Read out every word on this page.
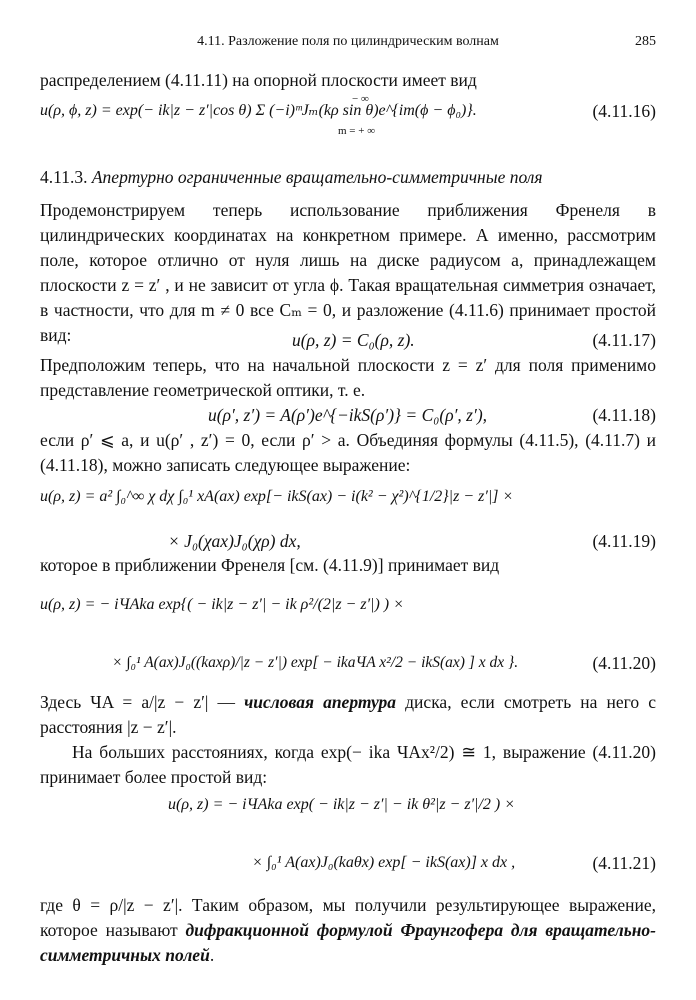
4.11. Разложение поля по цилиндрическим волнам	285
распределением (4.11.11) на опорной плоскости имеет вид
u(ρ, ϕ, z) = exp(− ik|z − z′|cos θ) Σ (−i)ᵐJₘ(kρ sin θ)e^{im(ϕ − ϕ₀)}.
− ∞
m = + ∞
(4.11.16)
4.11.3. Апертурно ограниченные вращательно-симметричные поля
Продемонстрируем теперь использование приближения Френеля в цилиндрических координатах на конкретном примере. А именно, рассмотрим поле, которое отлично от нуля лишь на диске радиусом a, принадлежащем плоскости z = z′ , и не зависит от угла ϕ. Такая вращательная симметрия означает, в частности, что для m ≠ 0 все Cₘ = 0, и разложение (4.11.6) принимает простой вид:	u(ρ, z) = C₀(ρ, z).	(4.11.17)
Предположим теперь, что на начальной плоскости z = z′ для поля применимо представление геометрической оптики, т. е.
u(ρ′, z′) = A(ρ′)e^{−ikS(ρ′)} = C₀(ρ′, z′),	(4.11.18)
если ρ′ ⩽ a, и u(ρ′ , z′) = 0, если ρ′ > a. Объединяя формулы (4.11.5), (4.11.7) и (4.11.18), можно записать следующее выражение:
u(ρ, z) = a² ∫₀^∞ χ dχ ∫₀¹ xA(ax) exp[− ikS(ax) − i(k² − χ²)^{1/2}|z − z′|] ×
× J₀(χax)J₀(χρ) dx,	(4.11.19)
которое в приближении Френеля [см. (4.11.9)] принимает вид
u(ρ, z) = − iЧAka exp{( − ik|z − z′| − ik ρ²/(2|z − z′|) ) ×
× ∫₀¹ A(ax)J₀((kaxρ)/|z − z′|) exp[ − ikaЧA x²/2 − ikS(ax) ] x dx }.	(4.11.20)
Здесь ЧA = a/|z − z′| — числовая апертура диска, если смотреть на него с расстояния |z − z′|.
На больших расстояниях, когда exp(− ika ЧAx²/2) ≅ 1, выражение (4.11.20) принимает более простой вид:
u(ρ, z) = − iЧAka exp( − ik|z − z′| − ik θ²|z − z′|/2 ) ×
× ∫₀¹ A(ax)J₀(kaθx) exp[ − ikS(ax)] x dx ,	(4.11.21)
где θ = ρ/|z − z′|. Таким образом, мы получили результирующее выражение, которое называют дифракционной формулой Фраунгофера для вращательно-симметричных полей.
